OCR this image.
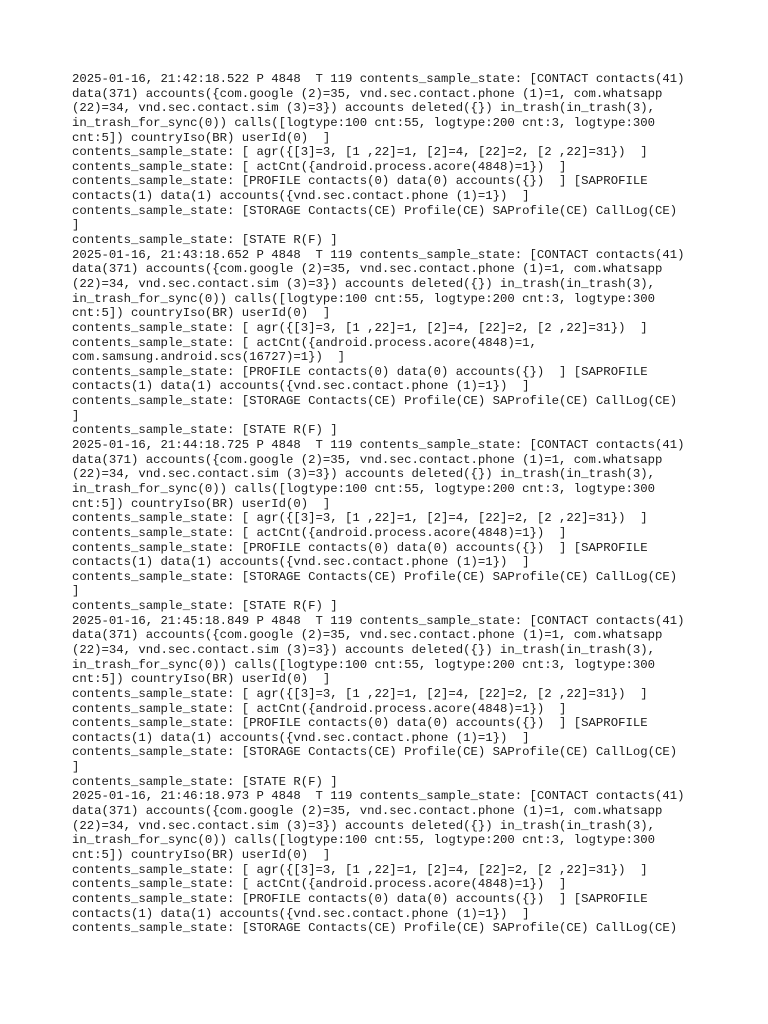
2025-01-16, 21:42:18.522 P 4848  T 119 contents_sample_state: [CONTACT contacts(41)
data(371) accounts({com.google (2)=35, vnd.sec.contact.phone (1)=1, com.whatsapp
(22)=34, vnd.sec.contact.sim (3)=3}) accounts deleted({}) in_trash(in_trash(3),
in_trash_for_sync(0)) calls([logtype:100 cnt:55, logtype:200 cnt:3, logtype:300
cnt:5]) countryIso(BR) userId(0)  ]
contents_sample_state: [ agr({[3]=3, [1 ,22]=1, [2]=4, [22]=2, [2 ,22]=31})  ]
contents_sample_state: [ actCnt({android.process.acore(4848)=1})  ]
contents_sample_state: [PROFILE contacts(0) data(0) accounts({})  ] [SAPROFILE
contacts(1) data(1) accounts({vnd.sec.contact.phone (1)=1})  ]
contents_sample_state: [STORAGE Contacts(CE) Profile(CE) SAProfile(CE) CallLog(CE)
]
contents_sample_state: [STATE R(F) ]
2025-01-16, 21:43:18.652 P 4848  T 119 contents_sample_state: [CONTACT contacts(41)
data(371) accounts({com.google (2)=35, vnd.sec.contact.phone (1)=1, com.whatsapp
(22)=34, vnd.sec.contact.sim (3)=3}) accounts deleted({}) in_trash(in_trash(3),
in_trash_for_sync(0)) calls([logtype:100 cnt:55, logtype:200 cnt:3, logtype:300
cnt:5]) countryIso(BR) userId(0)  ]
contents_sample_state: [ agr({[3]=3, [1 ,22]=1, [2]=4, [22]=2, [2 ,22]=31})  ]
contents_sample_state: [ actCnt({android.process.acore(4848)=1,
com.samsung.android.scs(16727)=1})  ]
contents_sample_state: [PROFILE contacts(0) data(0) accounts({})  ] [SAPROFILE
contacts(1) data(1) accounts({vnd.sec.contact.phone (1)=1})  ]
contents_sample_state: [STORAGE Contacts(CE) Profile(CE) SAProfile(CE) CallLog(CE)
]
contents_sample_state: [STATE R(F) ]
2025-01-16, 21:44:18.725 P 4848  T 119 contents_sample_state: [CONTACT contacts(41)
data(371) accounts({com.google (2)=35, vnd.sec.contact.phone (1)=1, com.whatsapp
(22)=34, vnd.sec.contact.sim (3)=3}) accounts deleted({}) in_trash(in_trash(3),
in_trash_for_sync(0)) calls([logtype:100 cnt:55, logtype:200 cnt:3, logtype:300
cnt:5]) countryIso(BR) userId(0)  ]
contents_sample_state: [ agr({[3]=3, [1 ,22]=1, [2]=4, [22]=2, [2 ,22]=31})  ]
contents_sample_state: [ actCnt({android.process.acore(4848)=1})  ]
contents_sample_state: [PROFILE contacts(0) data(0) accounts({})  ] [SAPROFILE
contacts(1) data(1) accounts({vnd.sec.contact.phone (1)=1})  ]
contents_sample_state: [STORAGE Contacts(CE) Profile(CE) SAProfile(CE) CallLog(CE)
]
contents_sample_state: [STATE R(F) ]
2025-01-16, 21:45:18.849 P 4848  T 119 contents_sample_state: [CONTACT contacts(41)
data(371) accounts({com.google (2)=35, vnd.sec.contact.phone (1)=1, com.whatsapp
(22)=34, vnd.sec.contact.sim (3)=3}) accounts deleted({}) in_trash(in_trash(3),
in_trash_for_sync(0)) calls([logtype:100 cnt:55, logtype:200 cnt:3, logtype:300
cnt:5]) countryIso(BR) userId(0)  ]
contents_sample_state: [ agr({[3]=3, [1 ,22]=1, [2]=4, [22]=2, [2 ,22]=31})  ]
contents_sample_state: [ actCnt({android.process.acore(4848)=1})  ]
contents_sample_state: [PROFILE contacts(0) data(0) accounts({})  ] [SAPROFILE
contacts(1) data(1) accounts({vnd.sec.contact.phone (1)=1})  ]
contents_sample_state: [STORAGE Contacts(CE) Profile(CE) SAProfile(CE) CallLog(CE)
]
contents_sample_state: [STATE R(F) ]
2025-01-16, 21:46:18.973 P 4848  T 119 contents_sample_state: [CONTACT contacts(41)
data(371) accounts({com.google (2)=35, vnd.sec.contact.phone (1)=1, com.whatsapp
(22)=34, vnd.sec.contact.sim (3)=3}) accounts deleted({}) in_trash(in_trash(3),
in_trash_for_sync(0)) calls([logtype:100 cnt:55, logtype:200 cnt:3, logtype:300
cnt:5]) countryIso(BR) userId(0)  ]
contents_sample_state: [ agr({[3]=3, [1 ,22]=1, [2]=4, [22]=2, [2 ,22]=31})  ]
contents_sample_state: [ actCnt({android.process.acore(4848)=1})  ]
contents_sample_state: [PROFILE contacts(0) data(0) accounts({})  ] [SAPROFILE
contacts(1) data(1) accounts({vnd.sec.contact.phone (1)=1})  ]
contents_sample_state: [STORAGE Contacts(CE) Profile(CE) SAProfile(CE) CallLog(CE)
